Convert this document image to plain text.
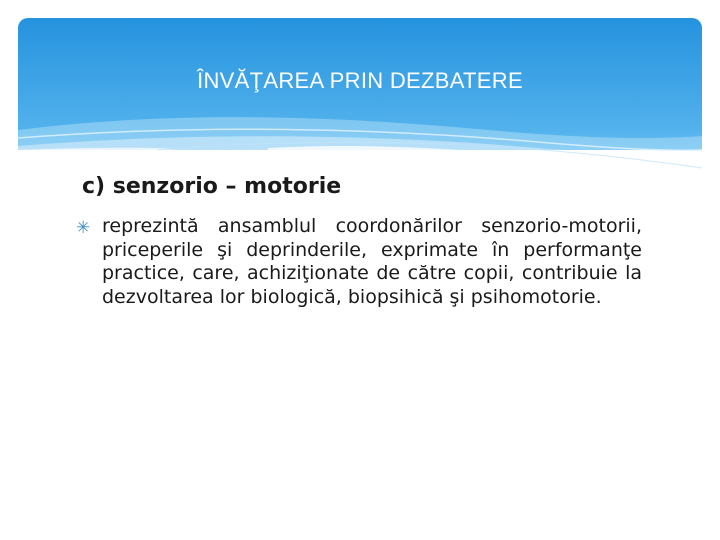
ÎNVĂŢAREA PRIN DEZBATERE
c) senzorio – motorie
✳ reprezintă ansamblul coordonărilor senzorio-motorii, priceperile şi deprinderile, exprimate în performanţe practice, care, achiziţionate de către copii, contribuie la dezvoltarea lor biologică, biopsihică şi psihomotorie.
